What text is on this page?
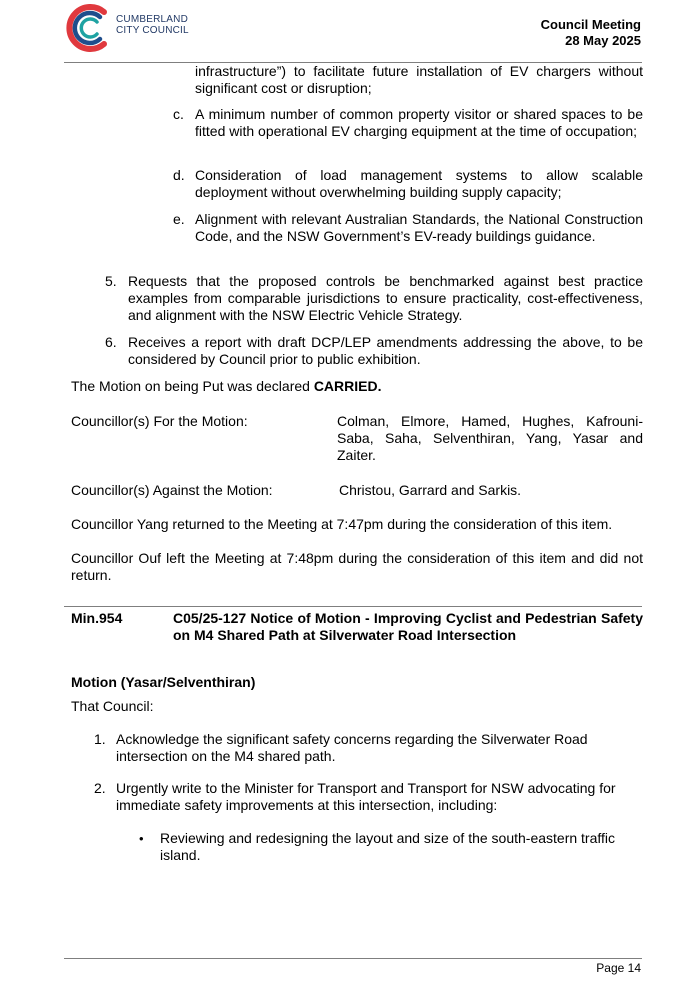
CUMBERLAND
CITY COUNCIL	Council Meeting
28 May 2025
infrastructure”) to facilitate future installation of EV chargers without significant cost or disruption;
c. A minimum number of common property visitor or shared spaces to be fitted with operational EV charging equipment at the time of occupation;
d. Consideration of load management systems to allow scalable deployment without overwhelming building supply capacity;
e. Alignment with relevant Australian Standards, the National Construction Code, and the NSW Government’s EV-ready buildings guidance.
5. Requests that the proposed controls be benchmarked against best practice examples from comparable jurisdictions to ensure practicality, cost-effectiveness, and alignment with the NSW Electric Vehicle Strategy.
6. Receives a report with draft DCP/LEP amendments addressing the above, to be considered by Council prior to public exhibition.
The Motion on being Put was declared CARRIED.
Councillor(s) For the Motion:	Colman, Elmore, Hamed, Hughes, Kafrouni-Saba, Saha, Selventhiran, Yang, Yasar and Zaiter.
Councillor(s) Against the Motion:	Christou, Garrard and Sarkis.
Councillor Yang returned to the Meeting at 7:47pm during the consideration of this item.
Councillor Ouf left the Meeting at 7:48pm during the consideration of this item and did not return.
Min.954	C05/25-127 Notice of Motion - Improving Cyclist and Pedestrian Safety on M4 Shared Path at Silverwater Road Intersection
Motion (Yasar/Selventhiran)
That Council:
1. Acknowledge the significant safety concerns regarding the Silverwater Road intersection on the M4 shared path.
2. Urgently write to the Minister for Transport and Transport for NSW advocating for immediate safety improvements at this intersection, including:
• Reviewing and redesigning the layout and size of the south-eastern traffic island.
Page 14
